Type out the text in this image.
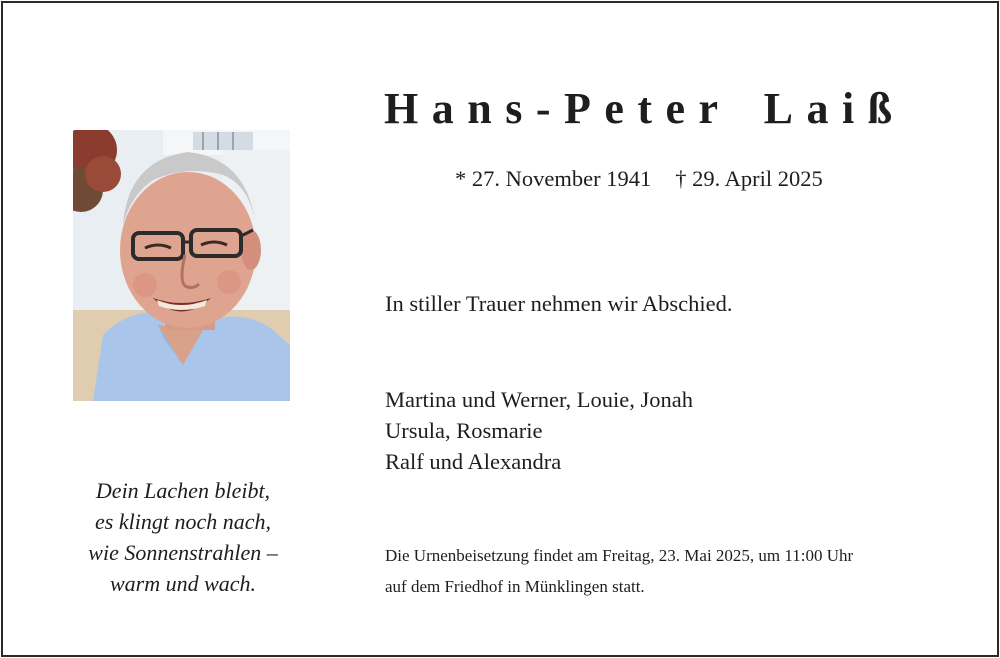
Hans-Peter Laiß
* 27. November 1941 † 29. April 2025
In stiller Trauer nehmen wir Abschied.
Martina und Werner, Louie, Jonah
Ursula, Rosmarie
Ralf und Alexandra
Die Urnenbeisetzung findet am Freitag, 23. Mai 2025, um 11:00 Uhr
auf dem Friedhof in Münklingen statt.
Dein Lachen bleibt,
es klingt noch nach,
wie Sonnenstrahlen –
warm und wach.
